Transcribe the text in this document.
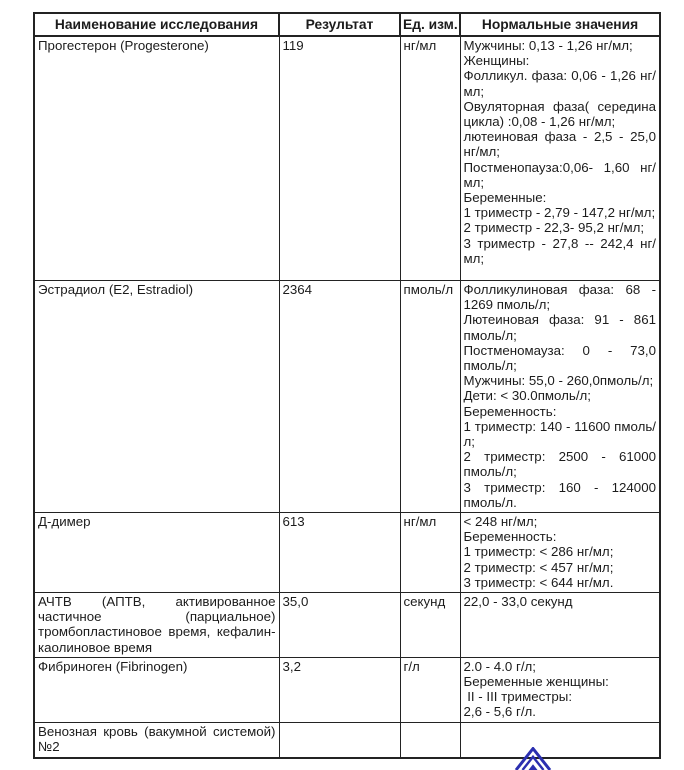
Наименование исследования	Результат	Ед. изм.	Нормальные значения
Прогестерон (Progesterone)	119	нг/мл	Мужчины: 0,13 - 1,26 нг/мл;
Женщины:
Фолликул. фаза: 0,06 - 1,26 нг/мл;
Овуляторная фаза( середина цикла) :0,08 - 1,26 нг/мл;
лютеиновая фаза - 2,5 - 25,0 нг/мл;
Постменопауза:0,06- 1,60 нг/мл;
Беременные:
1 триместр - 2,79 - 147,2 нг/мл;
2 триместр - 22,3- 95,2 нг/мл;
3 триместр - 27,8 -- 242,4 нг/мл;

Эстрадиол (E2, Estradiol)	2364	пмоль/л	Фолликулиновая фаза: 68 - 1269 пмоль/л;
Лютеиновая фаза: 91 - 861 пмоль/л;
Постменомауза: 0 - 73,0 пмоль/л;
Мужчины: 55,0 - 260,0пмоль/л;
Дети: < 30.0пмоль/л;
Беременность:
1 триместр: 140 - 11600 пмоль/л;
2 триместр: 2500 - 61000 пмоль/л;
3 триместр: 160 - 124000 пмоль/л.

Д-димер	613	нг/мл	< 248 нг/мл;
Беременность:
1 триместр: < 286 нг/мл;
2 триместр: < 457 нг/мл;
3 триместр: < 644 нг/мл.

АЧТВ (АПТВ, активированное частичное (парциальное) тромбопластиновое время, кефалин-каолиновое время	35,0	секунд	22,0 - 33,0 секунд

Фибриноген (Fibrinogen)	3,2	г/л	2.0 - 4.0 г/л;
Беременные женщины:
II - III триместры:
2,6 - 5,6 г/л.

Венозная кровь (вакумной системой) №2			
